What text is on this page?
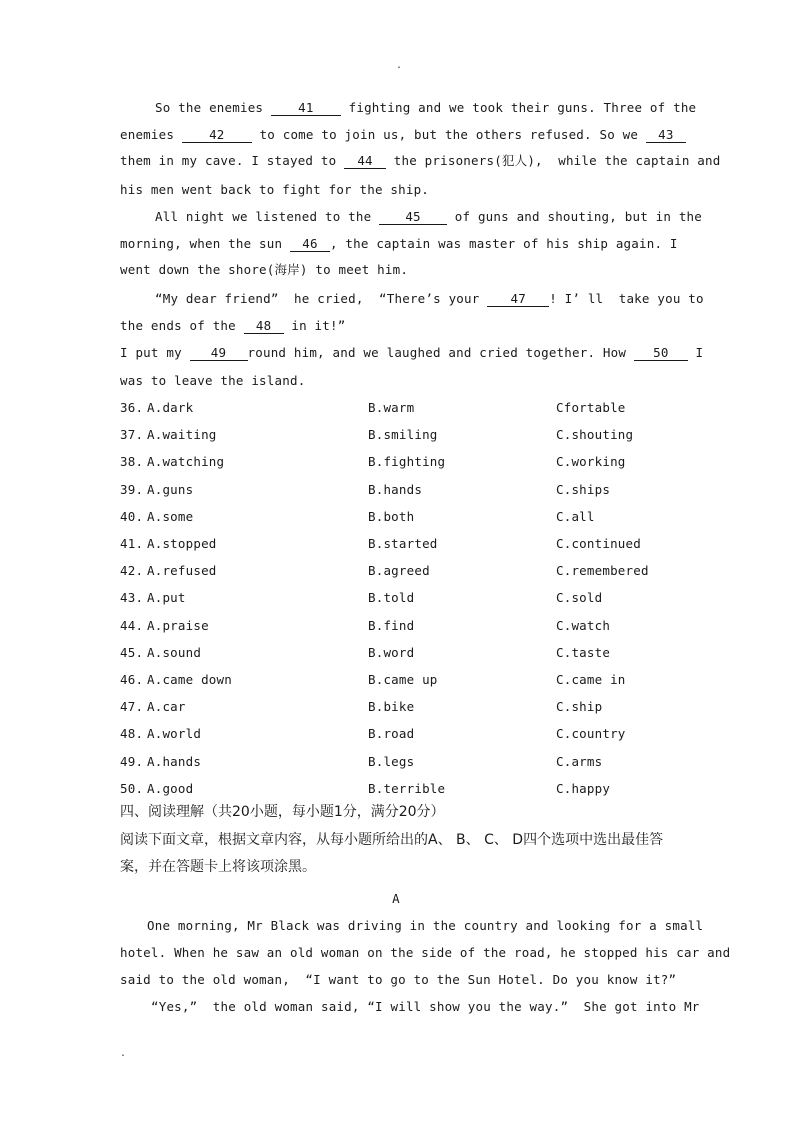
.
So the enemies 41 fighting and we took their guns. Three of the
enemies 42 to come to join us, but the others refused. So we 43
them in my cave. I stayed to 44 the prisoners(犯人),  while the captain and
his men went back to fight for the ship.
All night we listened to the 45 of guns and shouting, but in the
morning, when the sun 46 , the captain was master of his ship again. I
went down the shore(海岸) to meet him.
“My dear friend”  he cried,  “There’s your 47 ! I’ ll  take you to
the ends of the 48 in it!”
I put my 49 round him, and we laughed and cried together. How 50 I
was to leave the island.
36. A.dark	B.warm	Cfortable
37. A.waiting	B.smiling	C.shouting
38. A.watching	B.fighting	C.working
39. A.guns	B.hands	C.ships
40. A.some	B.both	C.all
41. A.stopped	B.started	C.continued
42. A.refused	B.agreed	C.remembered
43. A.put	B.told	C.sold
44. A.praise	B.find	C.watch
45. A.sound	B.word	C.taste
46. A.came down	B.came up	C.came in
47. A.car	B.bike	C.ship
48. A.world	B.road	C.country
49. A.hands	B.legs	C.arms
50. A.good	B.terrible	C.happy
四、阅读理解（共20小题，每小题1分，满分20分）
阅读下面文章，根据文章内容，从每小题所给出的A、 B、 C、 D四个选项中选出最佳答
案，并在答题卡上将该项涂黑。
A
One morning, Mr Black was driving in the country and looking for a small
hotel. When he saw an old woman on the side of the road, he stopped his car and
said to the old woman,  “I want to go to the Sun Hotel. Do you know it?”
“Yes,”  the old woman said, “I will show you the way.”  She got into Mr
.
